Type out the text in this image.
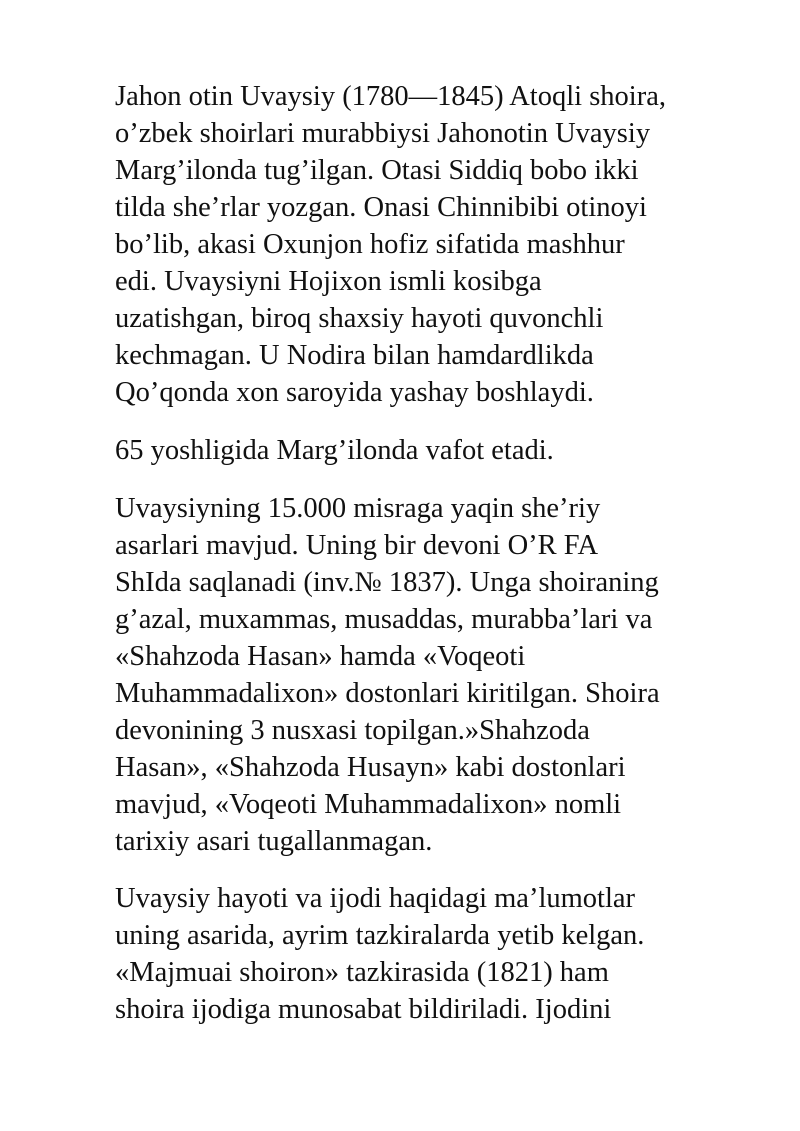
Jahon otin Uvaysiy (1780—1845) Atoqli shoira,
o’zbek shoirlari murabbiysi Jahonotin Uvaysiy
Marg’ilonda tug’ilgan. Otasi Siddiq bobo ikki
tilda she’rlar yozgan. Onasi Chinnibibi otinoyi
bo’lib, akasi Oxunjon hofiz sifatida mashhur
edi. Uvaysiyni Hojixon ismli kosibga
uzatishgan, biroq shaxsiy hayoti quvonchli
kechmagan. U Nodira bilan hamdardlikda
Qo’qonda xon saroyida yashay boshlaydi.

65 yoshligida Marg’ilonda vafot etadi.

Uvaysiyning 15.000 misraga yaqin she’riy
asarlari mavjud. Uning bir devoni O’R FA
ShIda saqlanadi (inv.№ 1837). Unga shoiraning
g’azal, muxammas, musaddas, murabba’lari va
«Shahzoda Hasan» hamda «Voqeoti
Muhammadalixon» dostonlari kiritilgan. Shoira
devonining 3 nusxasi topilgan.»Shahzoda
Hasan», «Shahzoda Husayn» kabi dostonlari
mavjud, «Voqeoti Muhammadalixon» nomli
tarixiy asari tugallanmagan.

Uvaysiy hayoti va ijodi haqidagi ma’lumotlar
uning asarida, ayrim tazkiralarda yetib kelgan.
«Majmuai shoiron» tazkirasida (1821) ham
shoira ijodiga munosabat bildiriladi. Ijodini
